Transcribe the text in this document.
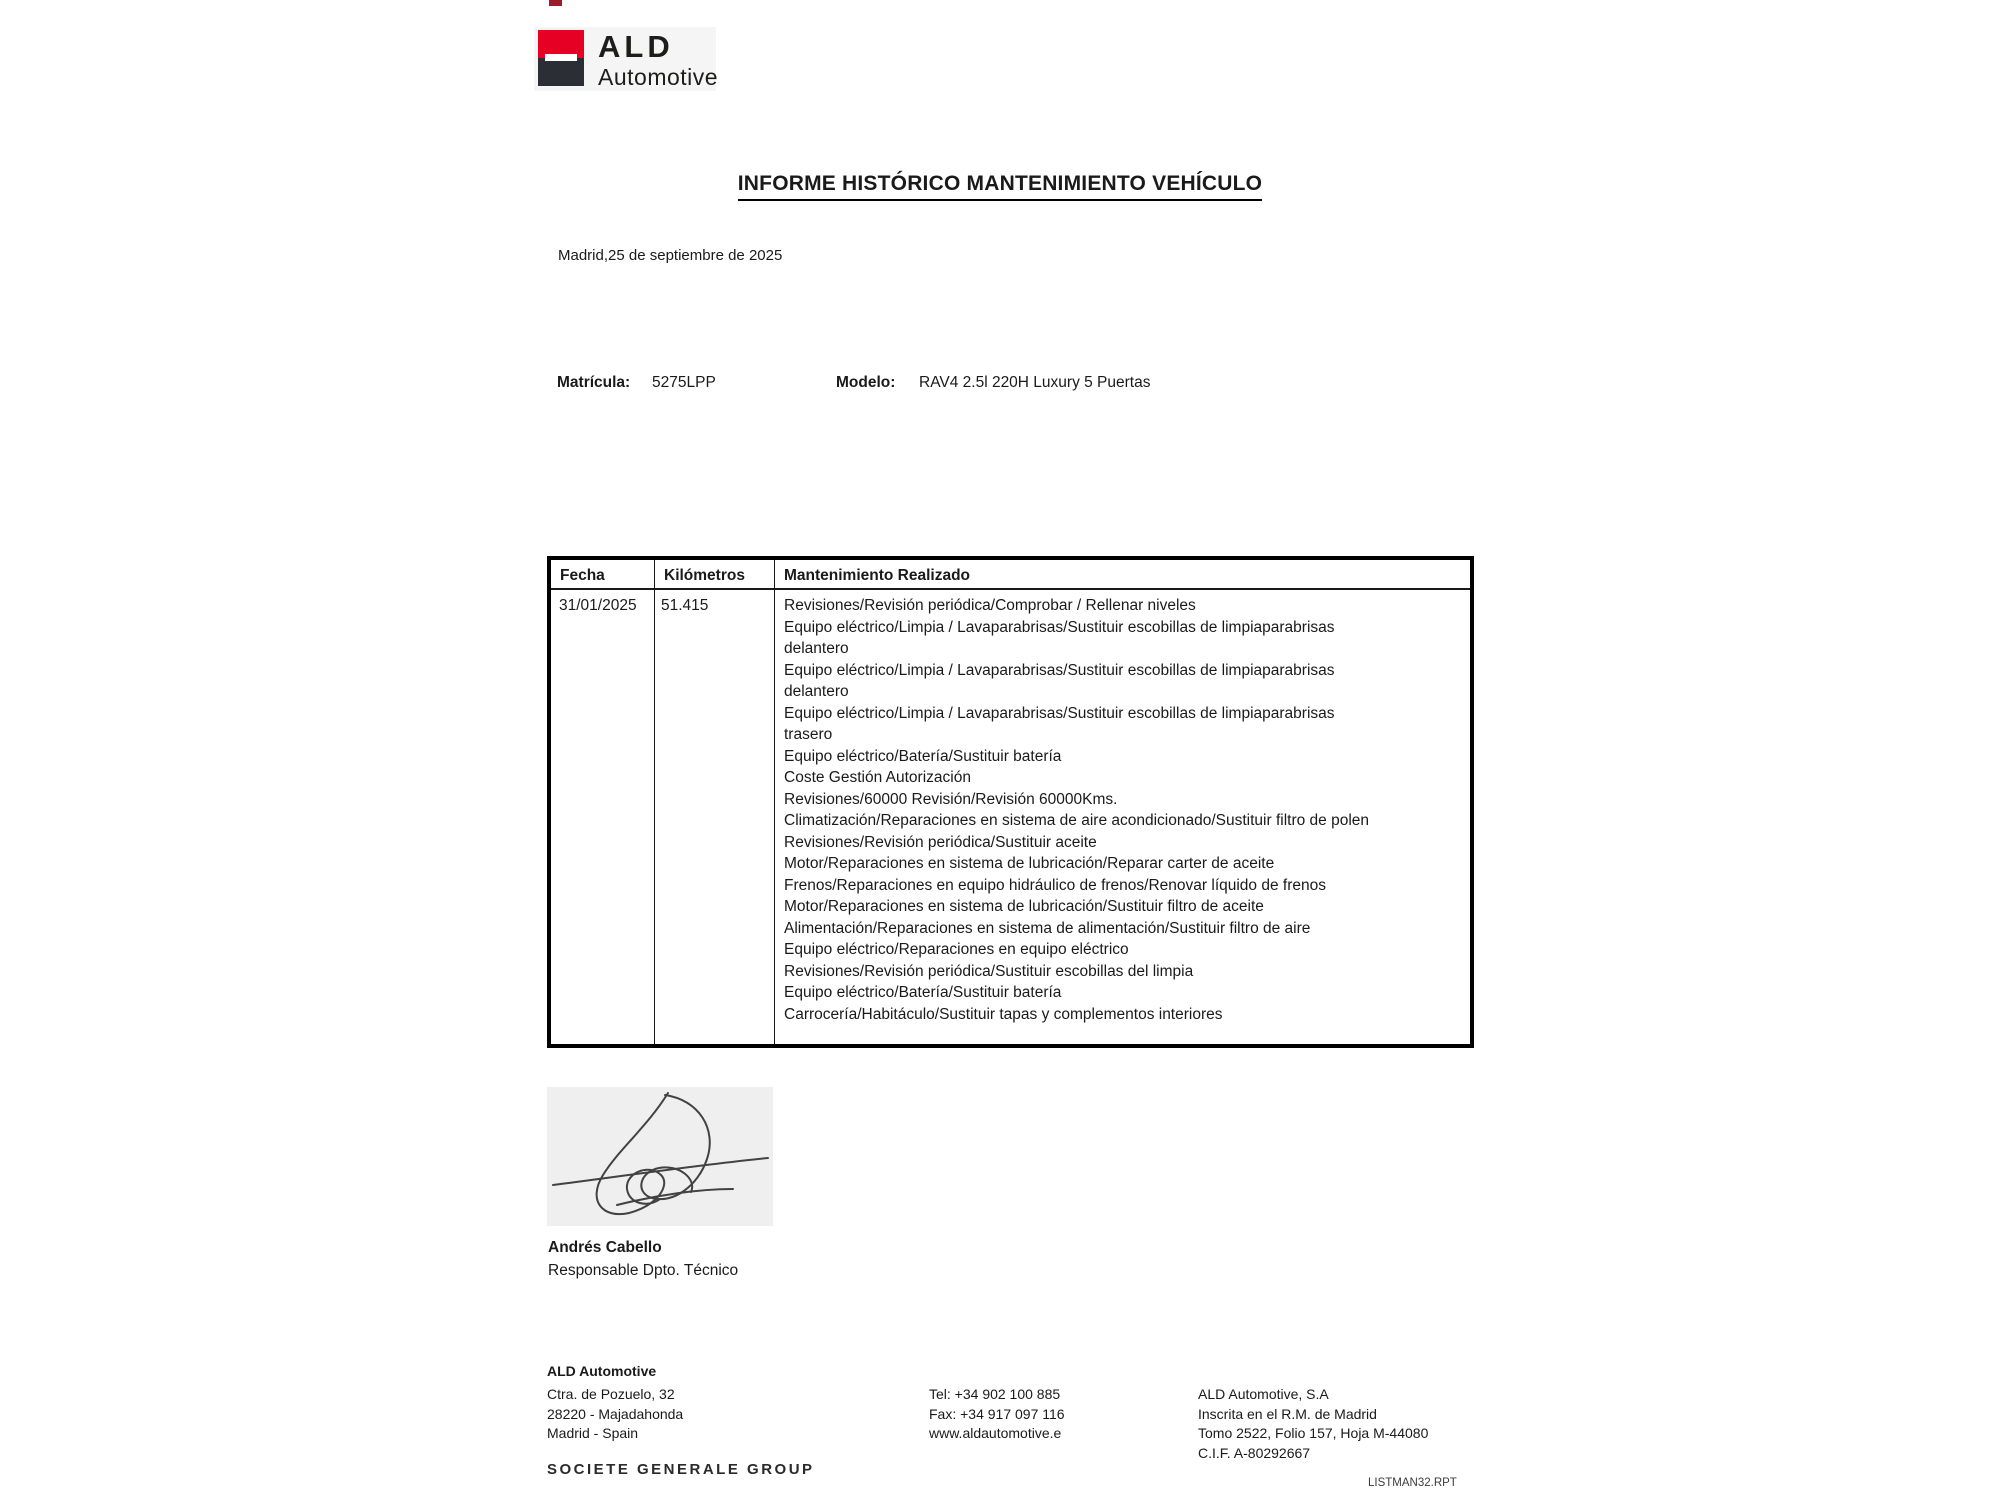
ALD
Automotive
INFORME HISTÓRICO MANTENIMIENTO VEHÍCULO
Madrid,25 de septiembre de 2025
Matrícula: 5275LPP	Modelo: RAV4 2.5l 220H Luxury 5 Puertas
Fecha	Kilómetros	Mantenimiento Realizado
31/01/2025	51.415	Revisiones/Revisión periódica/Comprobar / Rellenar niveles

Equipo eléctrico/Limpia / Lavaparabrisas/Sustituir escobillas de limpiaparabrisas delantero

Equipo eléctrico/Limpia / Lavaparabrisas/Sustituir escobillas de limpiaparabrisas delantero

Equipo eléctrico/Limpia / Lavaparabrisas/Sustituir escobillas de limpiaparabrisas trasero

Equipo eléctrico/Batería/Sustituir batería

Coste Gestión Autorización

Revisiones/60000 Revisión/Revisión 60000Kms.

Climatización/Reparaciones en sistema de aire acondicionado/Sustituir filtro de polen

Revisiones/Revisión periódica/Sustituir aceite

Motor/Reparaciones en sistema de lubricación/Reparar carter de aceite

Frenos/Reparaciones en equipo hidráulico de frenos/Renovar líquido de frenos

Motor/Reparaciones en sistema de lubricación/Sustituir filtro de aceite

Alimentación/Reparaciones en sistema de alimentación/Sustituir filtro de aire

Equipo eléctrico/Reparaciones en equipo eléctrico

Revisiones/Revisión periódica/Sustituir escobillas del limpia

Equipo eléctrico/Batería/Sustituir batería

Carrocería/Habitáculo/Sustituir tapas y complementos interiores

Andrés Cabello
Responsable Dpto. Técnico
ALD Automotive
Ctra. de Pozuelo, 32
28220 - Majadahonda
Madrid - Spain
Tel: +34 902 100 885
Fax: +34 917 097 116
www.aldautomotive.e
ALD Automotive, S.A
Inscrita en el R.M. de Madrid
Tomo 2522, Folio 157, Hoja M-44080
C.I.F. A-80292667
SOCIETE GENERALE GROUP
LISTMAN32.RPT
